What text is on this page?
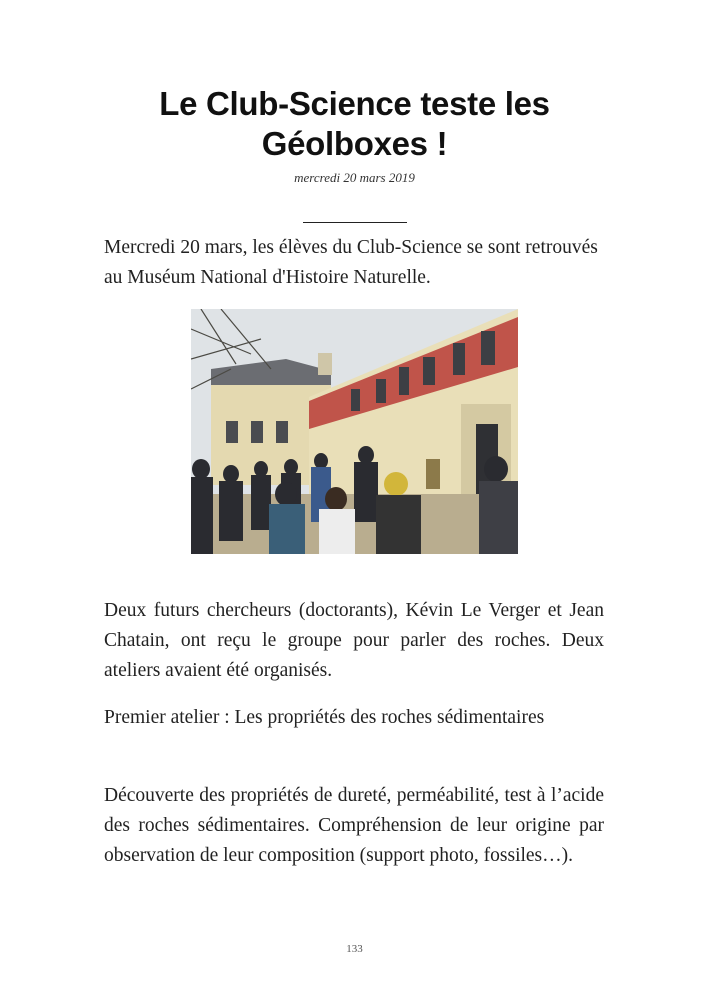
Le Club-Science teste les
Géolboxes !
mercredi 20 mars 2019

Mercredi 20 mars, les élèves du Club-Science se sont retrouvés au Muséum National d'Histoire Naturelle.

Deux futurs chercheurs (doctorants), Kévin Le Verger et Jean Chatain, ont reçu le groupe pour parler des roches. Deux ateliers avaient été organisés.

Premier atelier : Les propriétés des roches sédimentaires

Découverte des propriétés de dureté, perméabilité, test à l’acide des roches sédimentaires. Compréhension de leur origine par observation de leur composition (support photo, fossiles…).

133
